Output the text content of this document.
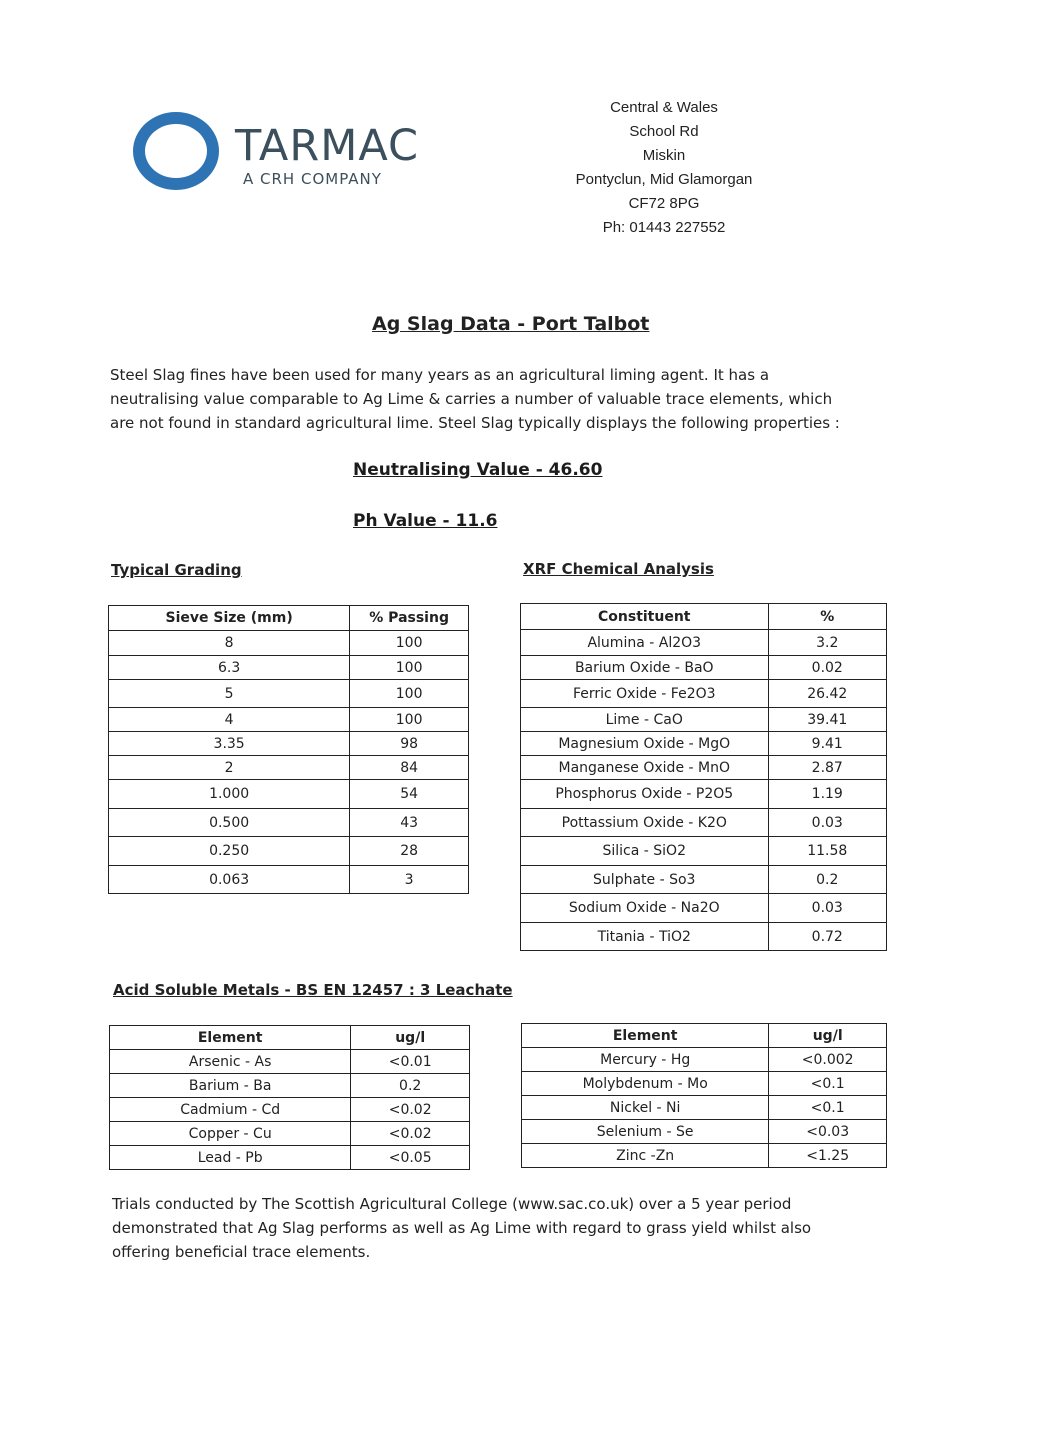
TARMAC
A CRH COMPANY
Central & Wales
School Rd
Miskin
Pontyclun, Mid Glamorgan
CF72 8PG
Ph: 01443 227552
Ag Slag Data - Port Talbot
Steel Slag fines have been used for many years as an agricultural liming agent. It has a neutralising value comparable to Ag Lime & carries a number of valuable trace elements, which are not found in standard agricultural lime. Steel Slag typically displays the following properties :
Neutralising Value - 46.60
Ph Value - 11.6
Typical Grading	XRF Chemical Analysis
Acid Soluble Metals - BS EN 12457 : 3 Leachate
Sieve Size (mm)	% Passing
8	100
6.3	100
5	100
4	100
3.35	98
2	84
1.000	54
0.500	43
0.250	28
0.063	3
Constituent	%
Alumina - Al2O3	3.2
Barium Oxide - BaO	0.02
Ferric Oxide - Fe2O3	26.42
Lime - CaO	39.41
Magnesium Oxide - MgO	9.41
Manganese Oxide - MnO	2.87
Phosphorus Oxide - P2O5	1.19
Pottassium Oxide - K2O	0.03
Silica - SiO2	11.58
Sulphate - So3	0.2
Sodium Oxide - Na2O	0.03
Titania - TiO2	0.72
Element	ug/l
Arsenic - As	<0.01
Barium - Ba	0.2
Cadmium - Cd	<0.02
Copper - Cu	<0.02
Lead - Pb	<0.05
Element	ug/l
Mercury - Hg	<0.002
Molybdenum - Mo	<0.1
Nickel - Ni	<0.1
Selenium - Se	<0.03
Zinc -Zn	<1.25
Trials conducted by The Scottish Agricultural College (www.sac.co.uk) over a 5 year period demonstrated that Ag Slag performs as well as Ag Lime with regard to grass yield whilst also offering beneficial trace elements.
